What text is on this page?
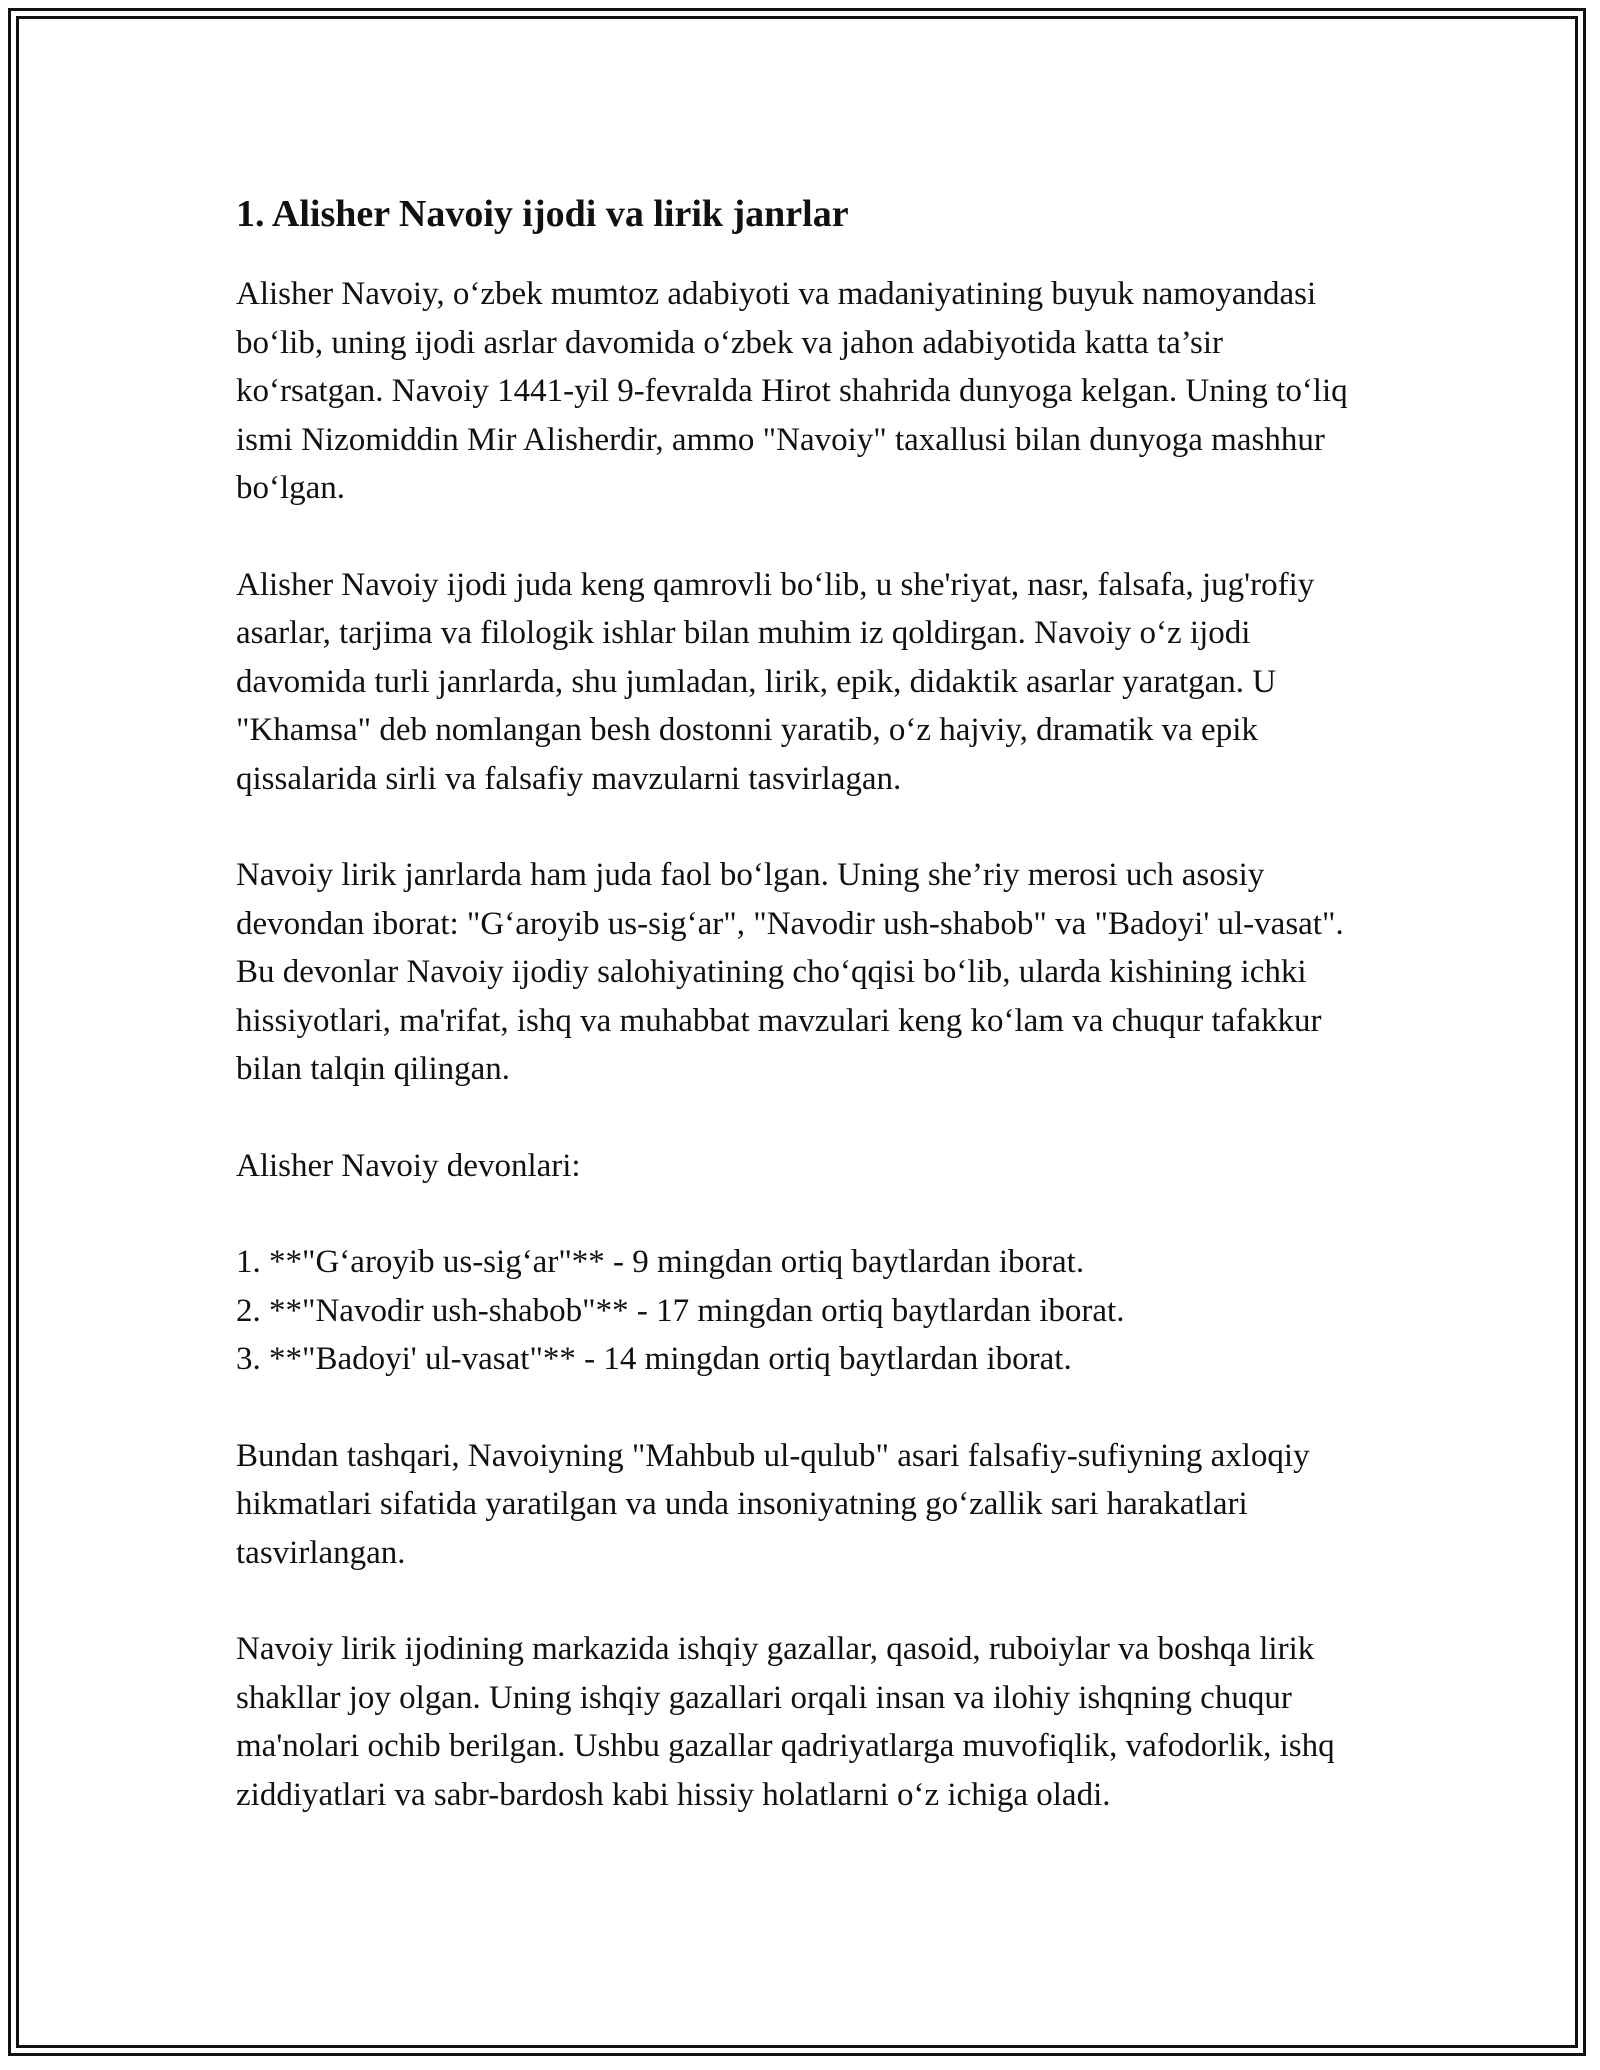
1. Alisher Navoiy ijodi va lirik janrlar

Alisher Navoiy, o‘zbek mumtoz adabiyoti va madaniyatining buyuk namoyandasi bo‘lib, uning ijodi asrlar davomida o‘zbek va jahon adabiyotida katta ta’sir ko‘rsatgan. Navoiy 1441-yil 9-fevralda Hirot shahrida dunyoga kelgan. Uning to‘liq ismi Nizomiddin Mir Alisherdir, ammo "Navoiy" taxallusi bilan dunyoga mashhur bo‘lgan.

Alisher Navoiy ijodi juda keng qamrovli bo‘lib, u she'riyat, nasr, falsafa, jug'rofiy asarlar, tarjima va filologik ishlar bilan muhim iz qoldirgan. Navoiy o‘z ijodi davomida turli janrlarda, shu jumladan, lirik, epik, didaktik asarlar yaratgan. U "Khamsa" deb nomlangan besh dostonni yaratib, o‘z hajviy, dramatik va epik qissalarida sirli va falsafiy mavzularni tasvirlagan.

Navoiy lirik janrlarda ham juda faol bo‘lgan. Uning she’riy merosi uch asosiy devondan iborat: "G‘aroyib us-sig‘ar", "Navodir ush-shabob" va "Badoyi' ul-vasat". Bu devonlar Navoiy ijodiy salohiyatining cho‘qqisi bo‘lib, ularda kishining ichki hissiyotlari, ma'rifat, ishq va muhabbat mavzulari keng ko‘lam va chuqur tafakkur bilan talqin qilingan.

Alisher Navoiy devonlari:

1. **"G‘aroyib us-sig‘ar"** - 9 mingdan ortiq baytlardan iborat.
2. **"Navodir ush-shabob"** - 17 mingdan ortiq baytlardan iborat.
3. **"Badoyi' ul-vasat"** - 14 mingdan ortiq baytlardan iborat.

Bundan tashqari, Navoiyning "Mahbub ul-qulub" asari falsafiy-sufiyning axloqiy hikmatlari sifatida yaratilgan va unda insoniyatning go‘zallik sari harakatlari tasvirlangan.

Navoiy lirik ijodining markazida ishqiy gazallar, qasoid, ruboiylar va boshqa lirik shakllar joy olgan. Uning ishqiy gazallari orqali insan va ilohiy ishqning chuqur ma'nolari ochib berilgan. Ushbu gazallar qadriyatlarga muvofiqlik, vafodorlik, ishq ziddiyatlari va sabr-bardosh kabi hissiy holatlarni o‘z ichiga oladi.
